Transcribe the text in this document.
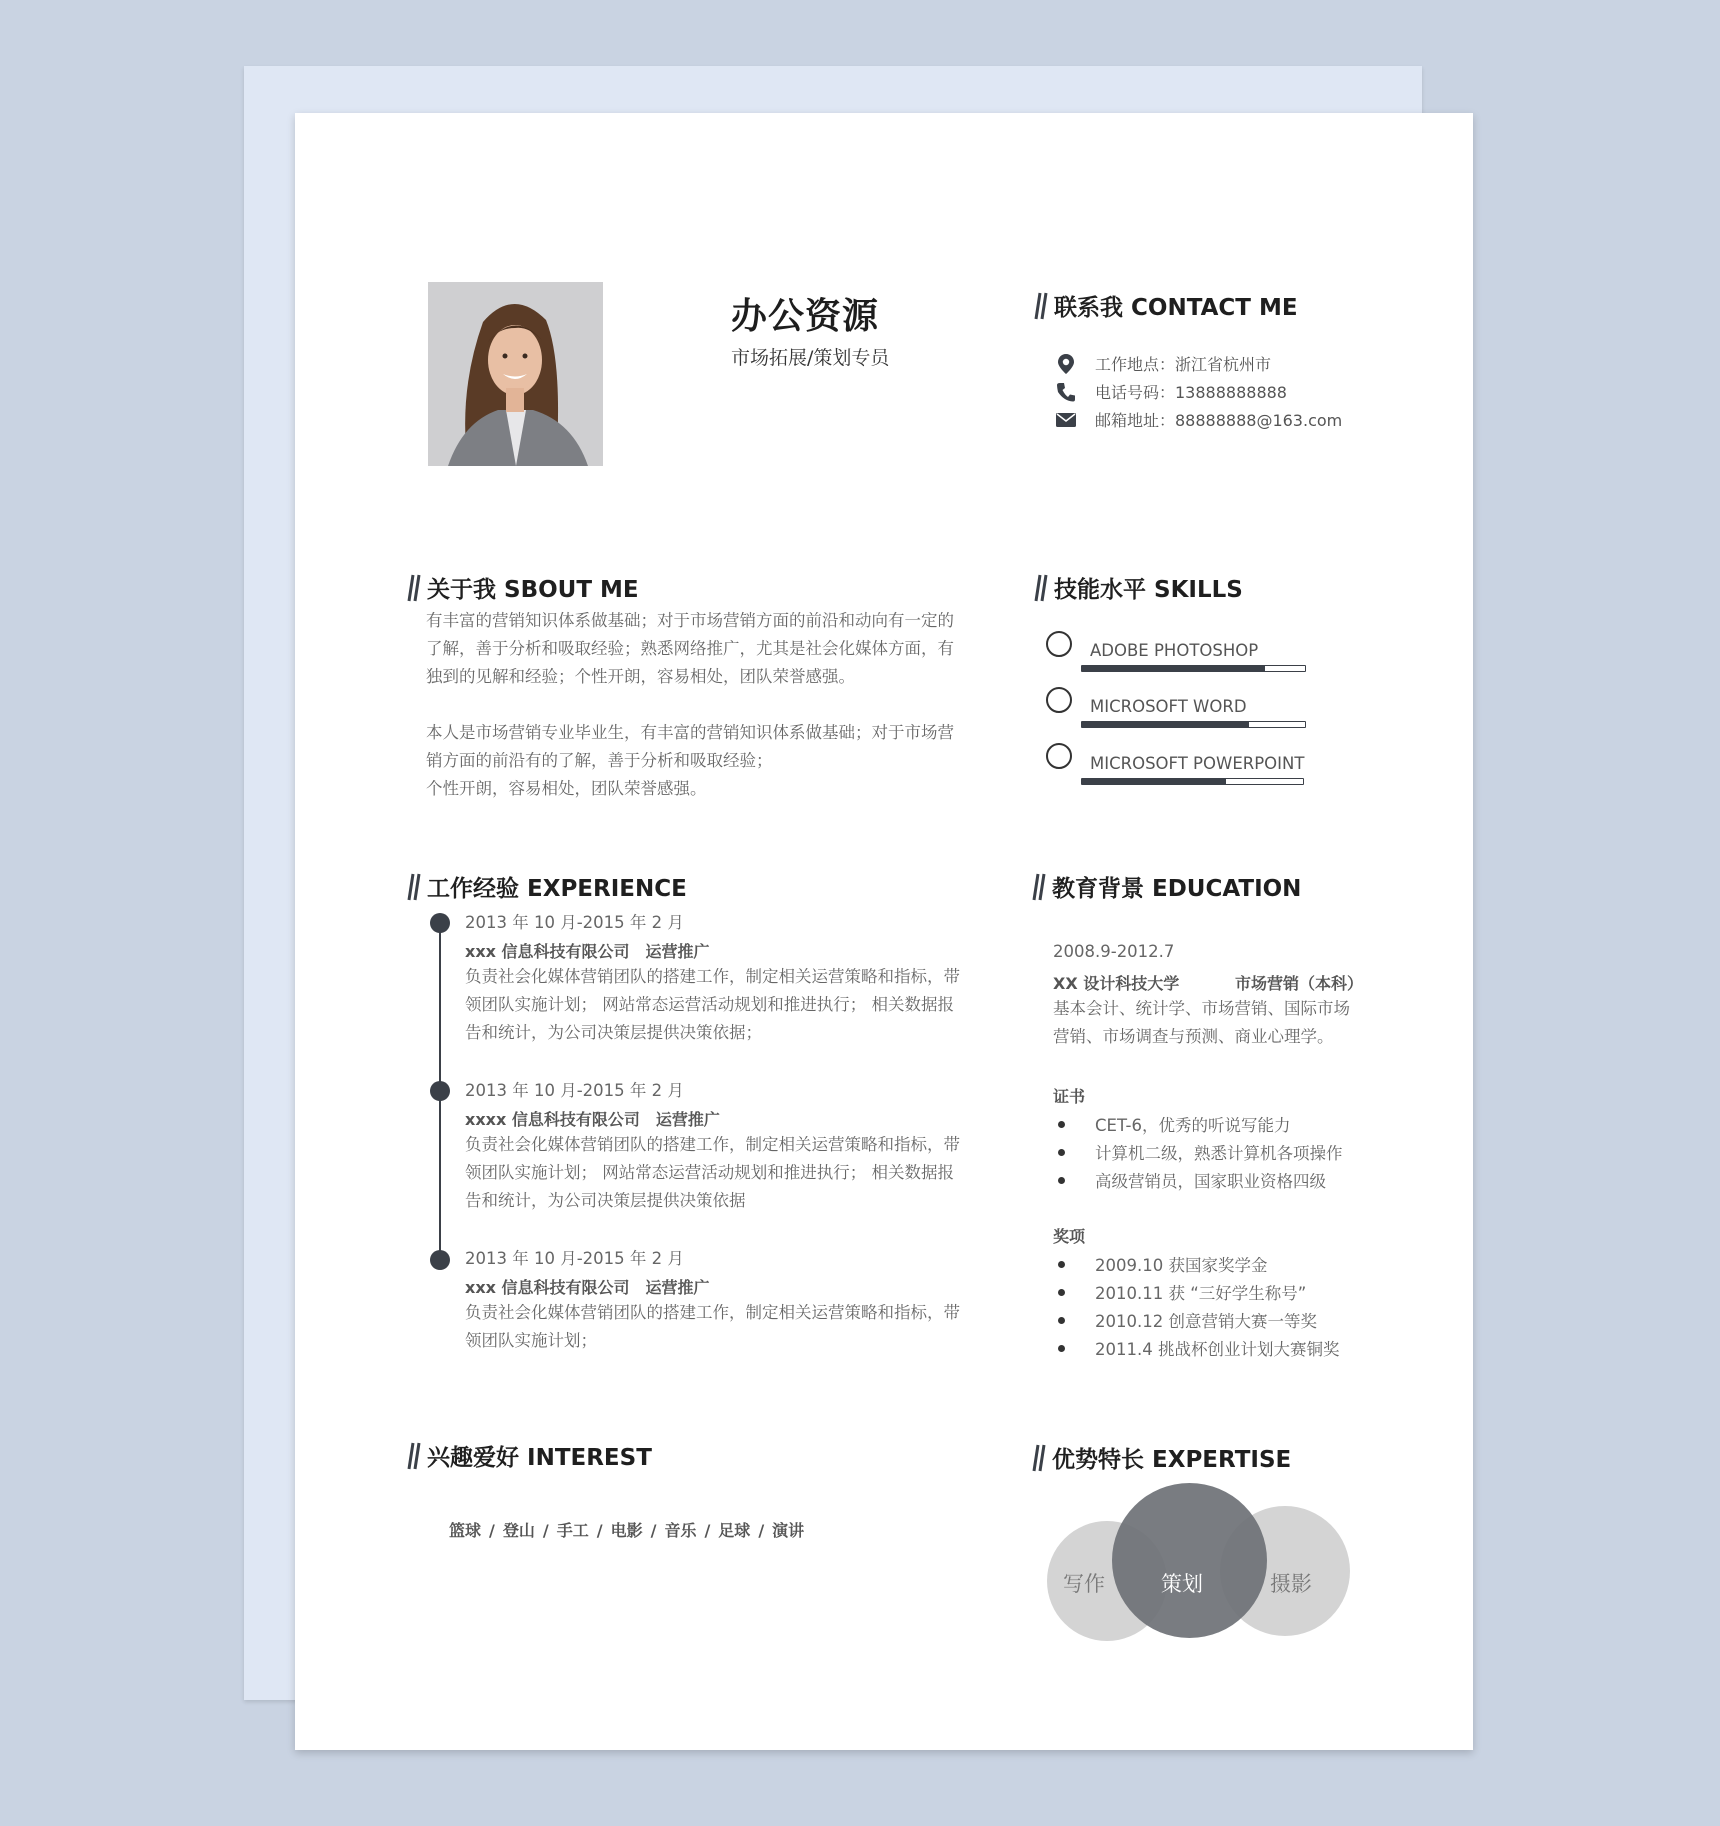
办公资源
市场拓展/策划专员
联系我 CONTACT ME
工作地点：浙江省杭州市
电话号码：13888888888
邮箱地址：88888888@163.com
关于我 SBOUT ME
有丰富的营销知识体系做基础；对于市场营销方面的前沿和动向有一定的
了解，善于分析和吸取经验；熟悉网络推广，尤其是社会化媒体方面，有
独到的见解和经验；个性开朗，容易相处，团队荣誉感强。
本人是市场营销专业毕业生，有丰富的营销知识体系做基础；对于市场营
销方面的前沿有的了解，善于分析和吸取经验；
个性开朗，容易相处，团队荣誉感强。
技能水平 SKILLS
ADOBE PHOTOSHOP
MICROSOFT WORD
MICROSOFT POWERPOINT
工作经验 EXPERIENCE
2013 年 10 月-2015 年 2 月
xxx 信息科技有限公司 运营推广
负责社会化媒体营销团队的搭建工作，制定相关运营策略和指标，带
领团队实施计划； 网站常态运营活动规划和推进执行； 相关数据报
告和统计，为公司决策层提供决策依据；
2013 年 10 月-2015 年 2 月
xxxx 信息科技有限公司 运营推广
负责社会化媒体营销团队的搭建工作，制定相关运营策略和指标，带
领团队实施计划； 网站常态运营活动规划和推进执行； 相关数据报
告和统计，为公司决策层提供决策依据
2013 年 10 月-2015 年 2 月
xxx 信息科技有限公司 运营推广
负责社会化媒体营销团队的搭建工作，制定相关运营策略和指标，带
领团队实施计划；
教育背景 EDUCATION
2008.9-2012.7
XX 设计科技大学	市场营销（本科）
基本会计、统计学、市场营销、国际市场
营销、市场调查与预测、商业心理学。
证书
CET-6，优秀的听说写能力
计算机二级，熟悉计算机各项操作
高级营销员，国家职业资格四级
奖项
2009.10 获国家奖学金
2010.11 获 “三好学生称号”
2010.12 创意营销大赛一等奖
2011.4 挑战杯创业计划大赛铜奖
兴趣爱好 INTEREST
篮球 / 登山 / 手工 / 电影 / 音乐 / 足球 / 演讲
优势特长 EXPERTISE
写作	策划	摄影
